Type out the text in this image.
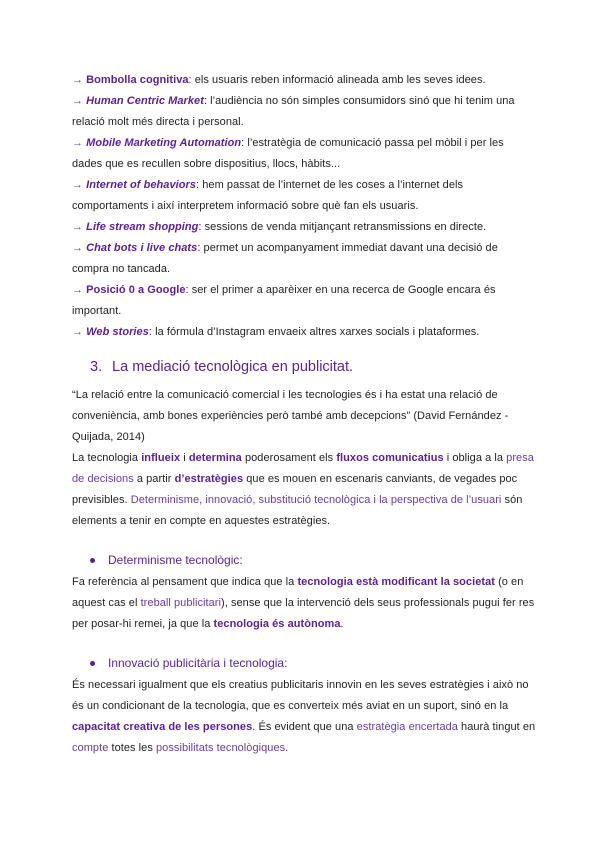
→ Bombolla cognitiva: els usuaris reben informació alineada amb les seves idees.
→ Human Centric Market: l’audiència no són simples consumidors sinó que hi tenim una
relació molt més directa i personal.
→ Mobile Marketing Automation: l’estratègia de comunicació passa pel mòbil i per les
dades que es recullen sobre dispositius, llocs, hàbits...
→ Internet of behaviors: hem passat de l’internet de les coses a l’internet dels
comportaments i així interpretem informació sobre què fan els usuaris.
→ Life stream shopping: sessions de venda mitjançant retransmissions en directe.
→ Chat bots i live chats: permet un acompanyament immediat davant una decisió de
compra no tancada.
→ Posició 0 a Google: ser el primer a aparèixer en una recerca de Google encara és
important.
→ Web stories: la fórmula d’Instagram envaeix altres xarxes socials i plataformes.
3. La mediació tecnològica en publicitat.

“La relació entre la comunicació comercial i les tecnologies és i ha estat una relació de conveniència, amb bones experiències però també amb decepcions” (David Fernández - Quijada, 2014)

La tecnologia influeix i determina poderosament els fluxos comunicatius i obliga a la presa de decisions a partir d’estratègies que es mouen en escenaris canviants, de vegades poc previsibles. Determinisme, innovació, substitució tecnològica i la perspectiva de l’usuari són elements a tenir en compte en aquestes estratègies.

Determinisme tecnològic:

Fa referència al pensament que indica que la tecnologia està modificant la societat (o en aquest cas el treball publicitari), sense que la intervenció dels seus professionals pugui fer res per posar-hi remei, ja que la tecnologia és autònoma.

Innovació publicitària i tecnologia:

És necessari igualment que els creatius publicitaris innovin en les seves estratègies i això no és un condicionant de la tecnologia, que es converteix més aviat en un suport, sinó en la capacitat creativa de les persones. És evident que una estratègia encertada haurà tingut en compte totes les possibilitats tecnològiques.
